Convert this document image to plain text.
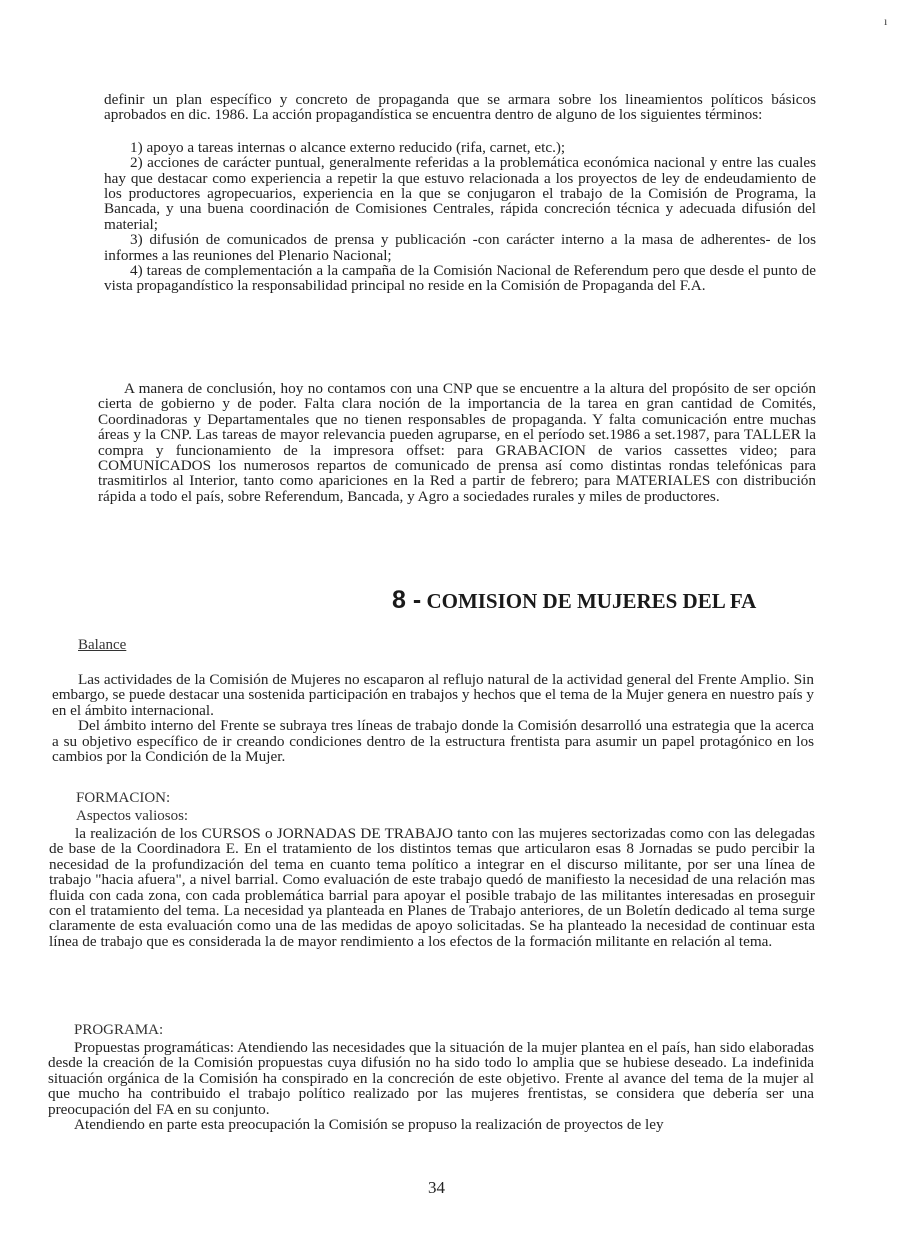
ı

definir un plan específico y concreto de propaganda que se armara sobre los lineamientos políticos básicos aprobados en dic. 1986. La acción propagandística se encuentra dentro de alguno de los siguientes términos:

1) apoyo a tareas internas o alcance externo reducido (rifa, carnet, etc.);

2) acciones de carácter puntual, generalmente referidas a la problemática económica nacional y entre las cuales hay que destacar como experiencia a repetir la que estuvo relacionada a los proyectos de ley de endeudamiento de los productores agropecuarios, experiencia en la que se conjugaron el trabajo de la Comisión de Programa, la Bancada, y una buena coordinación de Comisiones Centrales, rápida concreción técnica y adecuada difusión del material;

3) difusión de comunicados de prensa y publicación -con carácter interno a la masa de adherentes- de los informes a las reuniones del Plenario Nacional;

4) tareas de complementación a la campaña de la Comisión Nacional de Referendum pero que desde el punto de vista propagandístico la responsabilidad principal no reside en la Comisión de Propaganda del F.A.

A manera de conclusión, hoy no contamos con una CNP que se encuentre a la altura del propósito de ser opción cierta de gobierno y de poder. Falta clara noción de la importancia de la tarea en gran cantidad de Comités, Coordinadoras y Departamentales que no tienen responsables de propaganda. Y falta comunicación entre muchas áreas y la CNP. Las tareas de mayor relevancia pueden agruparse, en el período set.1986 a set.1987, para TALLER la compra y funcionamiento de la impresora offset: para GRABACION de varios cassettes video; para COMUNICADOS los numerosos repartos de comunicado de prensa así como distintas rondas telefónicas para trasmitirlos al Interior, tanto como apariciones en la Red a partir de febrero; para MATERIALES con distribución rápida a todo el país, sobre Referendum, Bancada, y Agro a sociedades rurales y miles de productores.

8 - COMISION DE MUJERES DEL FA
Balance

Las actividades de la Comisión de Mujeres no escaparon al reflujo natural de la actividad general del Frente Amplio. Sin embargo, se puede destacar una sostenida participación en trabajos y hechos que el tema de la Mujer genera en nuestro país y en el ámbito internacional.

Del ámbito interno del Frente se subraya tres líneas de trabajo donde la Comisión desarrolló una estrategia que la acerca a su objetivo específico de ir creando condiciones dentro de la estructura frentista para asumir un papel protagónico en los cambios por la Condición de la Mujer.

FORMACION:
Aspectos valiosos:

la realización de los CURSOS o JORNADAS DE TRABAJO tanto con las mujeres sectorizadas como con las delegadas de base de la Coordinadora E. En el tratamiento de los distintos temas que articularon esas 8 Jornadas se pudo percibir la necesidad de la profundización del tema en cuanto tema político a integrar en el discurso militante, por ser una línea de trabajo "hacia afuera", a nivel barrial. Como evaluación de este trabajo quedó de manifiesto la necesidad de una relación mas fluida con cada zona, con cada problemática barrial para apoyar el posible trabajo de las militantes interesadas en proseguir con el tratamiento del tema. La necesidad ya planteada en Planes de Trabajo anteriores, de un Boletín dedicado al tema surge claramente de esta evaluación como una de las medidas de apoyo solicitadas. Se ha planteado la necesidad de continuar esta línea de trabajo que es considerada la de mayor rendimiento a los efectos de la formación militante en relación al tema.

PROGRAMA:

Propuestas programáticas: Atendiendo las necesidades que la situación de la mujer plantea en el país, han sido elaboradas desde la creación de la Comisión propuestas cuya difusión no ha sido todo lo amplia que se hubiese deseado. La indefinida situación orgánica de la Comisión ha conspirado en la concreción de este objetivo. Frente al avance del tema de la mujer al que mucho ha contribuido el trabajo político realizado por las mujeres frentistas, se considera que debería ser una preocupación del FA en su conjunto.

Atendiendo en parte esta preocupación la Comisión se propuso la realización de proyectos de ley

34
